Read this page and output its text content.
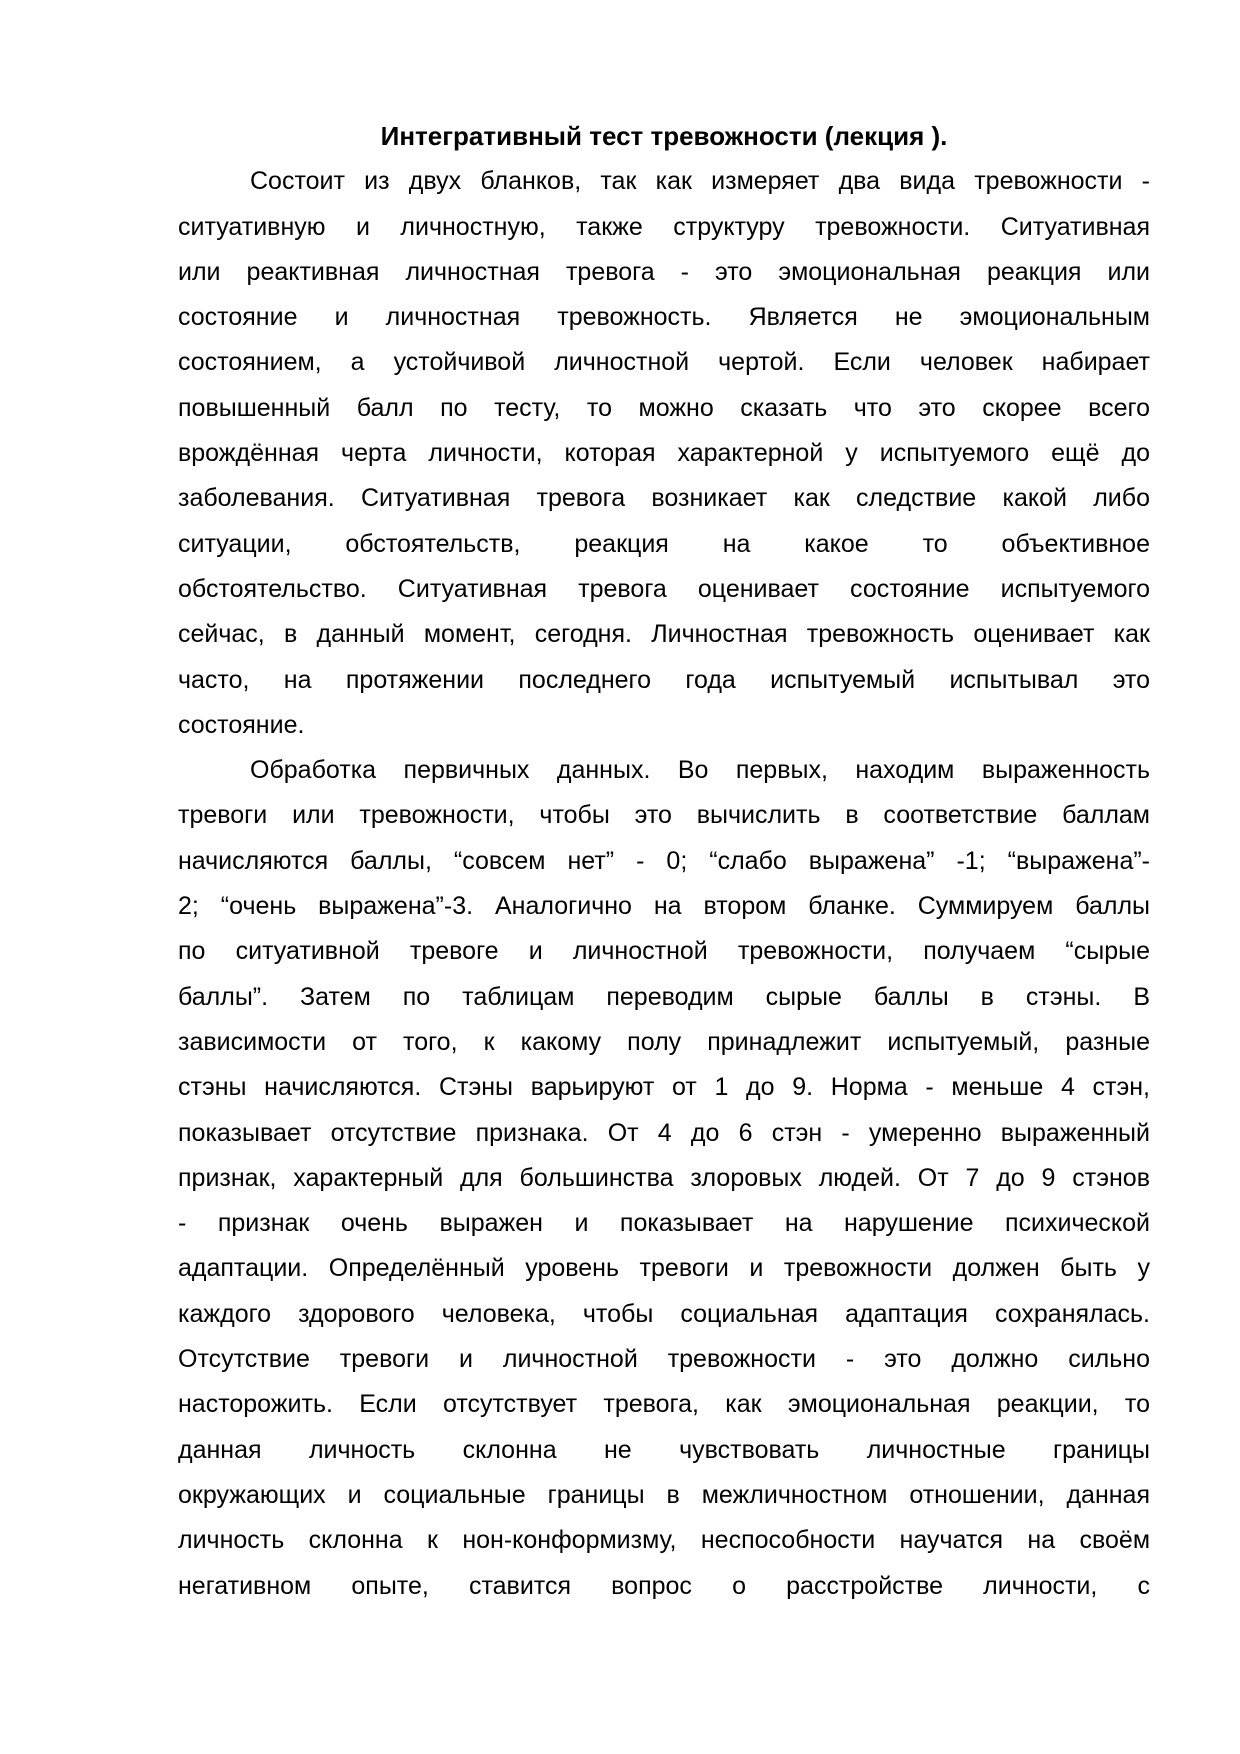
Интегративный тест тревожности (лекция ).
Состоит из двух бланков, так как измеряет два вида тревожности -
ситуативную и личностную, также структуру тревожности. Ситуативная
или реактивная личностная тревога - это эмоциональная реакция или
состояние и личностная тревожность. Является не эмоциональным
состоянием, а устойчивой личностной чертой. Если человек набирает
повышенный балл по тесту, то можно сказать что это скорее всего
врождённая черта личности, которая характерной у испытуемого ещё до
заболевания. Ситуативная тревога возникает как следствие какой либо
ситуации, обстоятельств, реакция на какое то объективное
обстоятельство. Ситуативная тревога оценивает состояние испытуемого
сейчас, в данный момент, сегодня. Личностная тревожность оценивает как
часто, на протяжении последнего года испытуемый испытывал это
состояние.
Обработка первичных данных. Во первых, находим выраженность
тревоги или тревожности, чтобы это вычислить в соответствие баллам
начисляются баллы, “совсем нет” - 0; “слабо выражена” -1; “выражена”-
2; “очень выражена”-3. Аналогично на втором бланке. Суммируем баллы
по ситуативной тревоге и личностной тревожности, получаем “сырые
баллы”. Затем по таблицам переводим сырые баллы в стэны. В
зависимости от того, к какому полу принадлежит испытуемый, разные
стэны начисляются. Стэны варьируют от 1 до 9. Норма - меньше 4 стэн,
показывает отсутствие признака. От 4 до 6 стэн - умеренно выраженный
признак, характерный для большинства злоровых людей. От 7 до 9 стэнов
- признак очень выражен и показывает на нарушение психической
адаптации. Определённый уровень тревоги и тревожности должен быть у
каждого здорового человека, чтобы социальная адаптация сохранялась.
Отсутствие тревоги и личностной тревожности - это должно сильно
насторожить. Если отсутствует тревога, как эмоциональная реакции, то
данная личность склонна не чувствовать личностные границы
окружающих и социальные границы в межличностном отношении, данная
личность склонна к нон-конформизму, неспособности научатся на своём
негативном опыте, ставится вопрос о расстройстве личности, с
